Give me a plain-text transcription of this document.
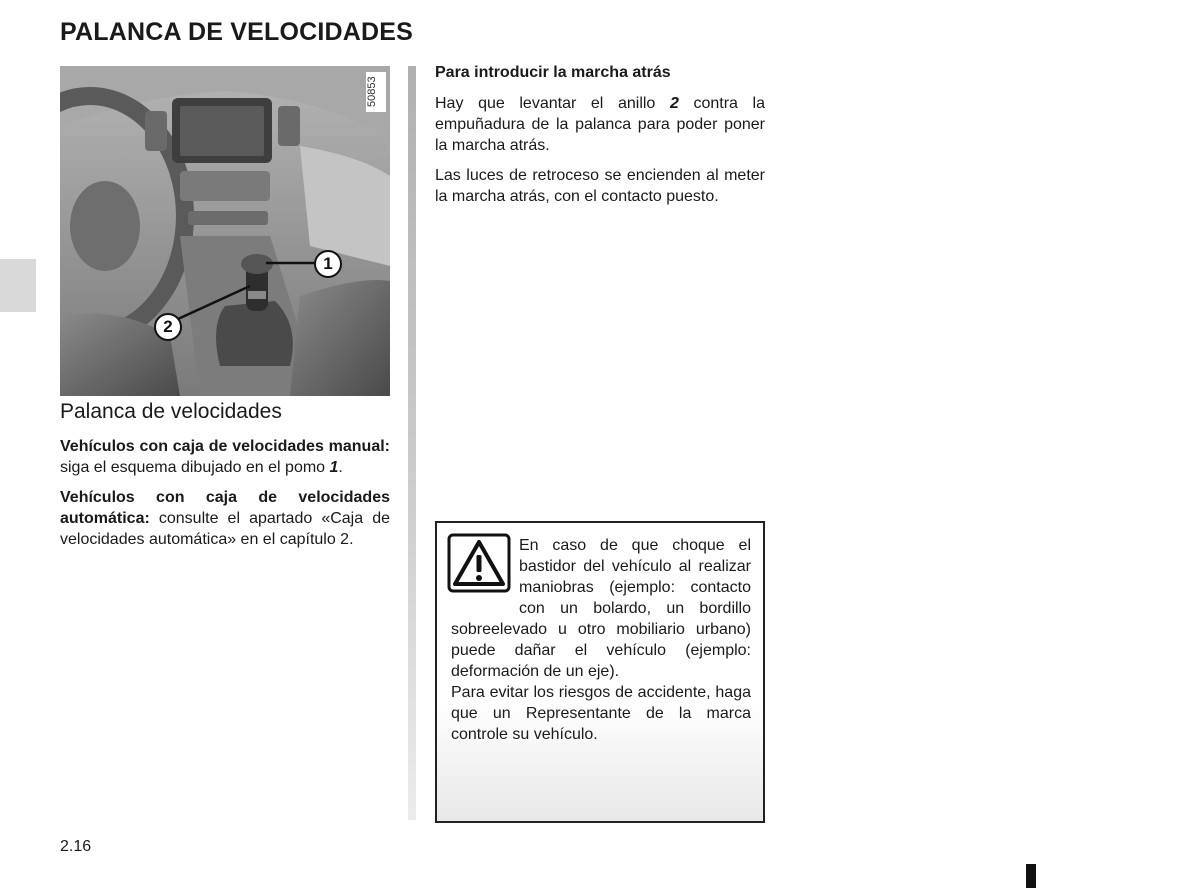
PALANCA DE VELOCIDADES
50853
1
2
Palanca de velocidades

Vehículos con caja de velocidades manual: siga el esquema dibujado en el pomo 1.

Vehículos con caja de velocidades automática: consulte el apartado «Caja de velocidades automática» en el capítulo 2.

Para introducir la marcha atrás

Hay que levantar el anillo 2 contra la empuñadura de la palanca para poder poner la marcha atrás.

Las luces de retroceso se encienden al meter la marcha atrás, con el contacto puesto.

En caso de que choque el bastidor del vehículo al realizar maniobras (ejemplo: contacto con un bolardo, un bordillo sobreelevado u otro mobiliario urbano) puede dañar el vehículo (ejemplo: deformación de un eje).
Para evitar los riesgos de accidente, haga que un Representante de la marca controle su vehículo.
2.16
